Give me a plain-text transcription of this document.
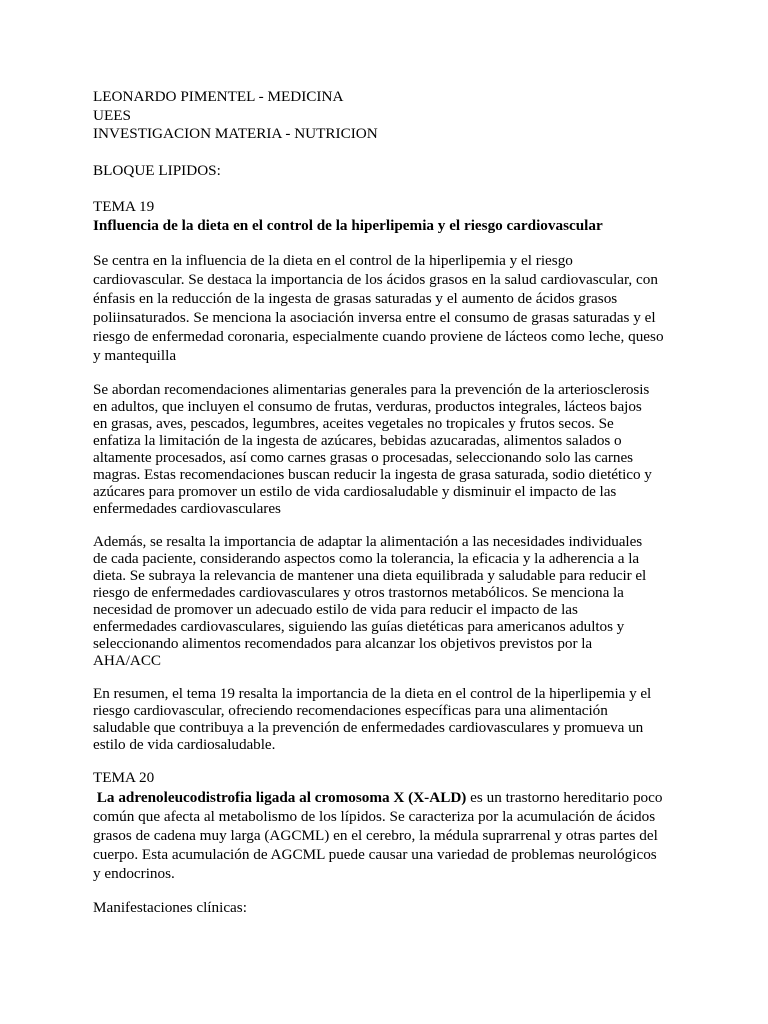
LEONARDO PIMENTEL - MEDICINA
UEES
INVESTIGACION MATERIA - NUTRICION
BLOQUE LIPIDOS:
TEMA 19
Influencia de la dieta en el control de la hiperlipemia y el riesgo cardiovascular

Se centra en la influencia de la dieta en el control de la hiperlipemia y el riesgo
cardiovascular. Se destaca la importancia de los ácidos grasos en la salud cardiovascular, con
énfasis en la reducción de la ingesta de grasas saturadas y el aumento de ácidos grasos
poliinsaturados. Se menciona la asociación inversa entre el consumo de grasas saturadas y el
riesgo de enfermedad coronaria, especialmente cuando proviene de lácteos como leche, queso
y mantequilla

Se abordan recomendaciones alimentarias generales para la prevención de la arteriosclerosis
en adultos, que incluyen el consumo de frutas, verduras, productos integrales, lácteos bajos
en grasas, aves, pescados, legumbres, aceites vegetales no tropicales y frutos secos. Se
enfatiza la limitación de la ingesta de azúcares, bebidas azucaradas, alimentos salados o
altamente procesados, así como carnes grasas o procesadas, seleccionando solo las carnes
magras. Estas recomendaciones buscan reducir la ingesta de grasa saturada, sodio dietético y
azúcares para promover un estilo de vida cardiosaludable y disminuir el impacto de las
enfermedades cardiovasculares

Además, se resalta la importancia de adaptar la alimentación a las necesidades individuales
de cada paciente, considerando aspectos como la tolerancia, la eficacia y la adherencia a la
dieta. Se subraya la relevancia de mantener una dieta equilibrada y saludable para reducir el
riesgo de enfermedades cardiovasculares y otros trastornos metabólicos. Se menciona la
necesidad de promover un adecuado estilo de vida para reducir el impacto de las
enfermedades cardiovasculares, siguiendo las guías dietéticas para americanos adultos y
seleccionando alimentos recomendados para alcanzar los objetivos previstos por la
AHA/ACC

En resumen, el tema 19 resalta la importancia de la dieta en el control de la hiperlipemia y el
riesgo cardiovascular, ofreciendo recomendaciones específicas para una alimentación
saludable que contribuya a la prevención de enfermedades cardiovasculares y promueva un
estilo de vida cardiosaludable.

TEMA 20

La adrenoleucodistrofia ligada al cromosoma X (X-ALD) es un trastorno hereditario poco
común que afecta al metabolismo de los lípidos. Se caracteriza por la acumulación de ácidos
grasos de cadena muy larga (AGCML) en el cerebro, la médula suprarrenal y otras partes del
cuerpo. Esta acumulación de AGCML puede causar una variedad de problemas neurológicos
y endocrinos.

Manifestaciones clínicas:
